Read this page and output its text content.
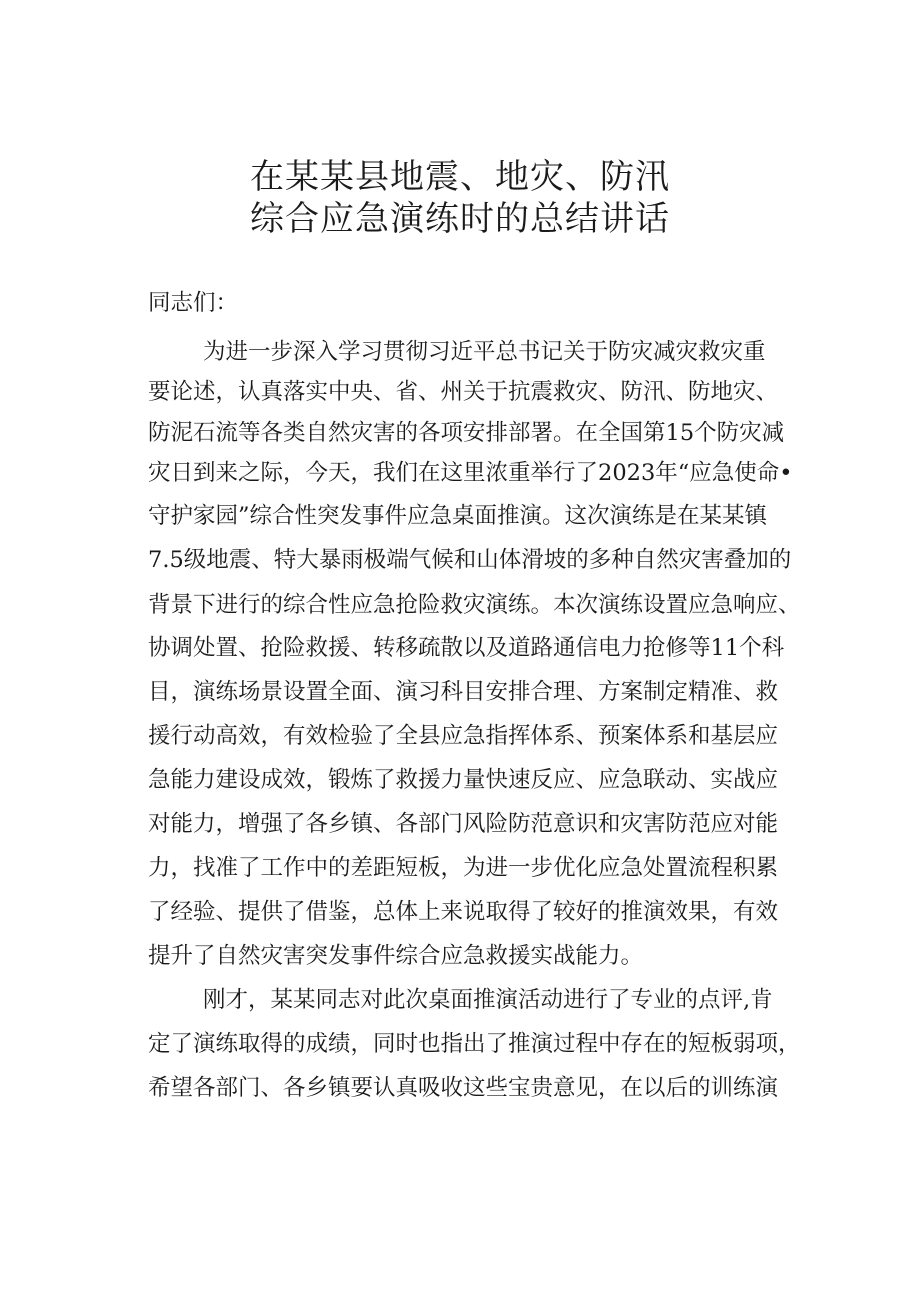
在某某县地震、地灾、防汛
综合应急演练时的总结讲话
同志们：
为进一步深入学习贯彻习近平总书记关于防灾减灾救灾重
要论述，认真落实中央、省、州关于抗震救灾、防汛、防地灾、
防泥石流等各类自然灾害的各项安排部署。在全国第15个防灾减
灾日到来之际，今天，我们在这里浓重举行了2023年“应急使命•
守护家园”综合性突发事件应急桌面推演。这次演练是在某某镇
7.5级地震、特大暴雨极端气候和山体滑坡的多种自然灾害叠加的
背景下进行的综合性应急抢险救灾演练。本次演练设置应急响应、
协调处置、抢险救援、转移疏散以及道路通信电力抢修等11个科
目，演练场景设置全面、演习科目安排合理、方案制定精准、救
援行动高效，有效检验了全县应急指挥体系、预案体系和基层应
急能力建设成效，锻炼了救援力量快速反应、应急联动、实战应
对能力，增强了各乡镇、各部门风险防范意识和灾害防范应对能
力，找准了工作中的差距短板，为进一步优化应急处置流程积累
了经验、提供了借鉴，总体上来说取得了较好的推演效果，有效
提升了自然灾害突发事件综合应急救援实战能力。
刚才，某某同志对此次桌面推演活动进行了专业的点评,肯
定了演练取得的成绩，同时也指出了推演过程中存在的短板弱项，
希望各部门、各乡镇要认真吸收这些宝贵意见，在以后的训练演
